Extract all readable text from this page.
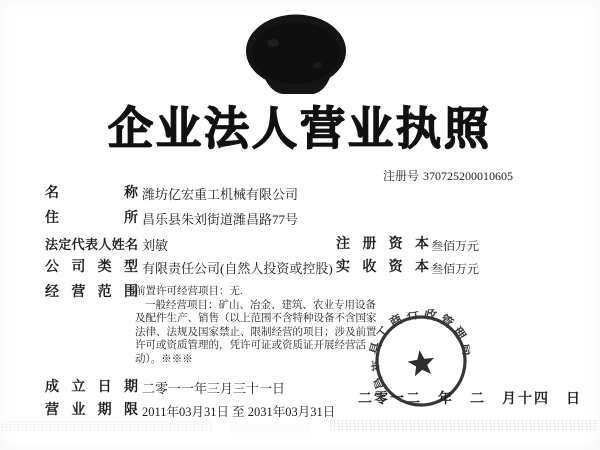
企业法人营业执照
注册号 370725200010605
名称 潍坊亿宏重工机械有限公司
住所 昌乐县朱刘街道潍昌路77号
法定代表人姓名 刘敏	注册资本 叁佰万元
公司类型 有限责任公司(自然人投资或控股) 实收资本 叁佰万元
经营范围

前置许可经营项目：无.

一般经营项目：矿山、冶金、建筑、农业专用设备及配件生产、销售（以上范围不含特种设备不含国家法律、法规及国家禁止、限制经营的项目；涉及前置许可或资质管理的，凭许可证或资质证开展经营活动）。※※※

成立日期 二零一一年三月三十一日
营业期限 2011年03月31日 至 2031年03月31日
昌乐县工商行政管理局
二零一二　年　二　月十四　日
